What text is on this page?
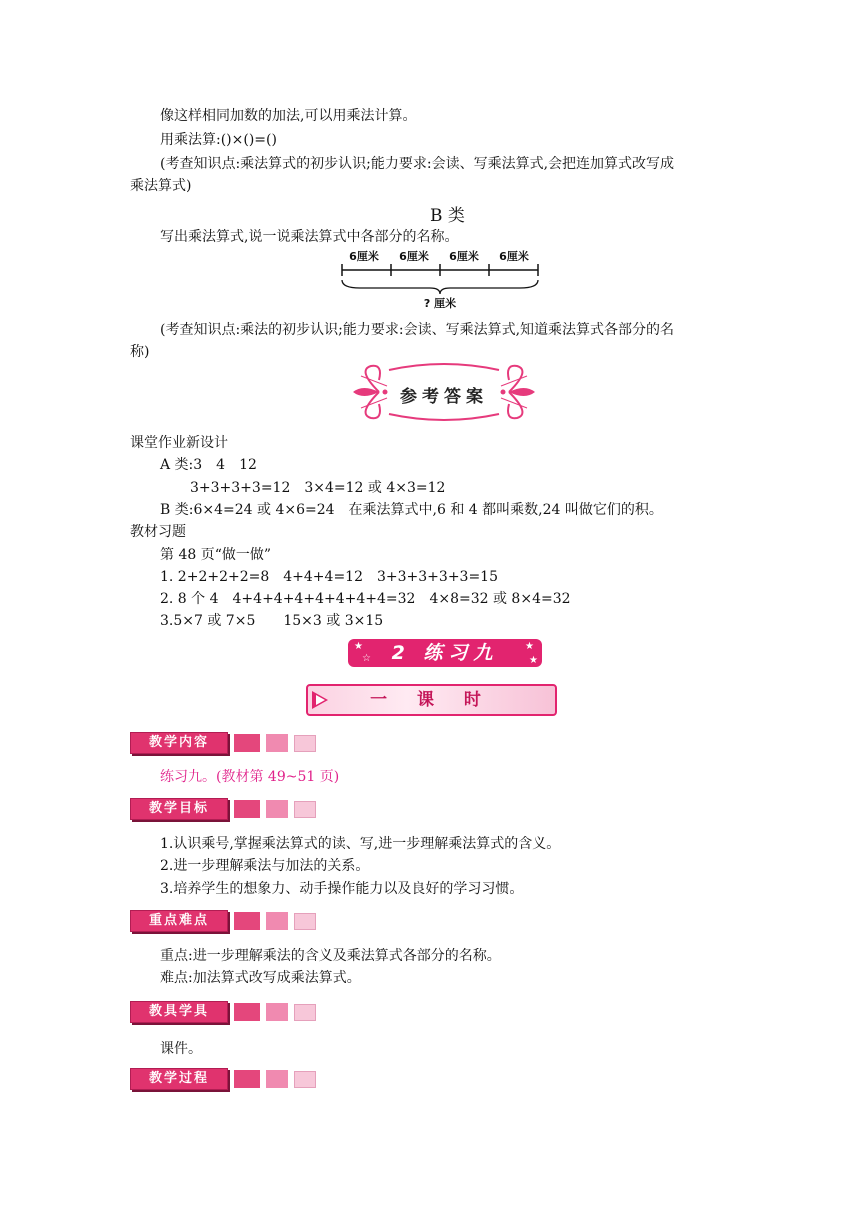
像这样相同加数的加法,可以用乘法计算。
用乘法算:()×()=()
(考查知识点:乘法算式的初步认识;能力要求:会读、写乘法算式,会把连加算式改写成
乘法算式)
B 类
写出乘法算式,说一说乘法算式中各部分的名称。
6厘米	6厘米	6厘米	6厘米
? 厘米
(考查知识点:乘法的初步认识;能力要求:会读、写乘法算式,知道乘法算式各部分的名
称)
参考答案
课堂作业新设计
A 类:3　4　12
3+3+3+3=12　3×4=12 或 4×3=12
B 类:6×4=24 或 4×6=24　在乘法算式中,6 和 4 都叫乘数,24 叫做它们的积。
教材习题
第 48 页“做一做”
1. 2+2+2+2=8　4+4+4=12　3+3+3+3+3=15
2. 8 个 4　4+4+4+4+4+4+4+4=32　4×8=32 或 8×4=32
3.5×7 或 7×5　　15×3 或 3×15
★
☆
★
★
2 练习九
一 课 时
教学内容
练习九。(教材第 49~51 页)
教学目标
1.认识乘号,掌握乘法算式的读、写,进一步理解乘法算式的含义。
2.进一步理解乘法与加法的关系。
3.培养学生的想象力、动手操作能力以及良好的学习习惯。
重点难点
重点:进一步理解乘法的含义及乘法算式各部分的名称。
难点:加法算式改写成乘法算式。
教具学具
课件。
教学过程
